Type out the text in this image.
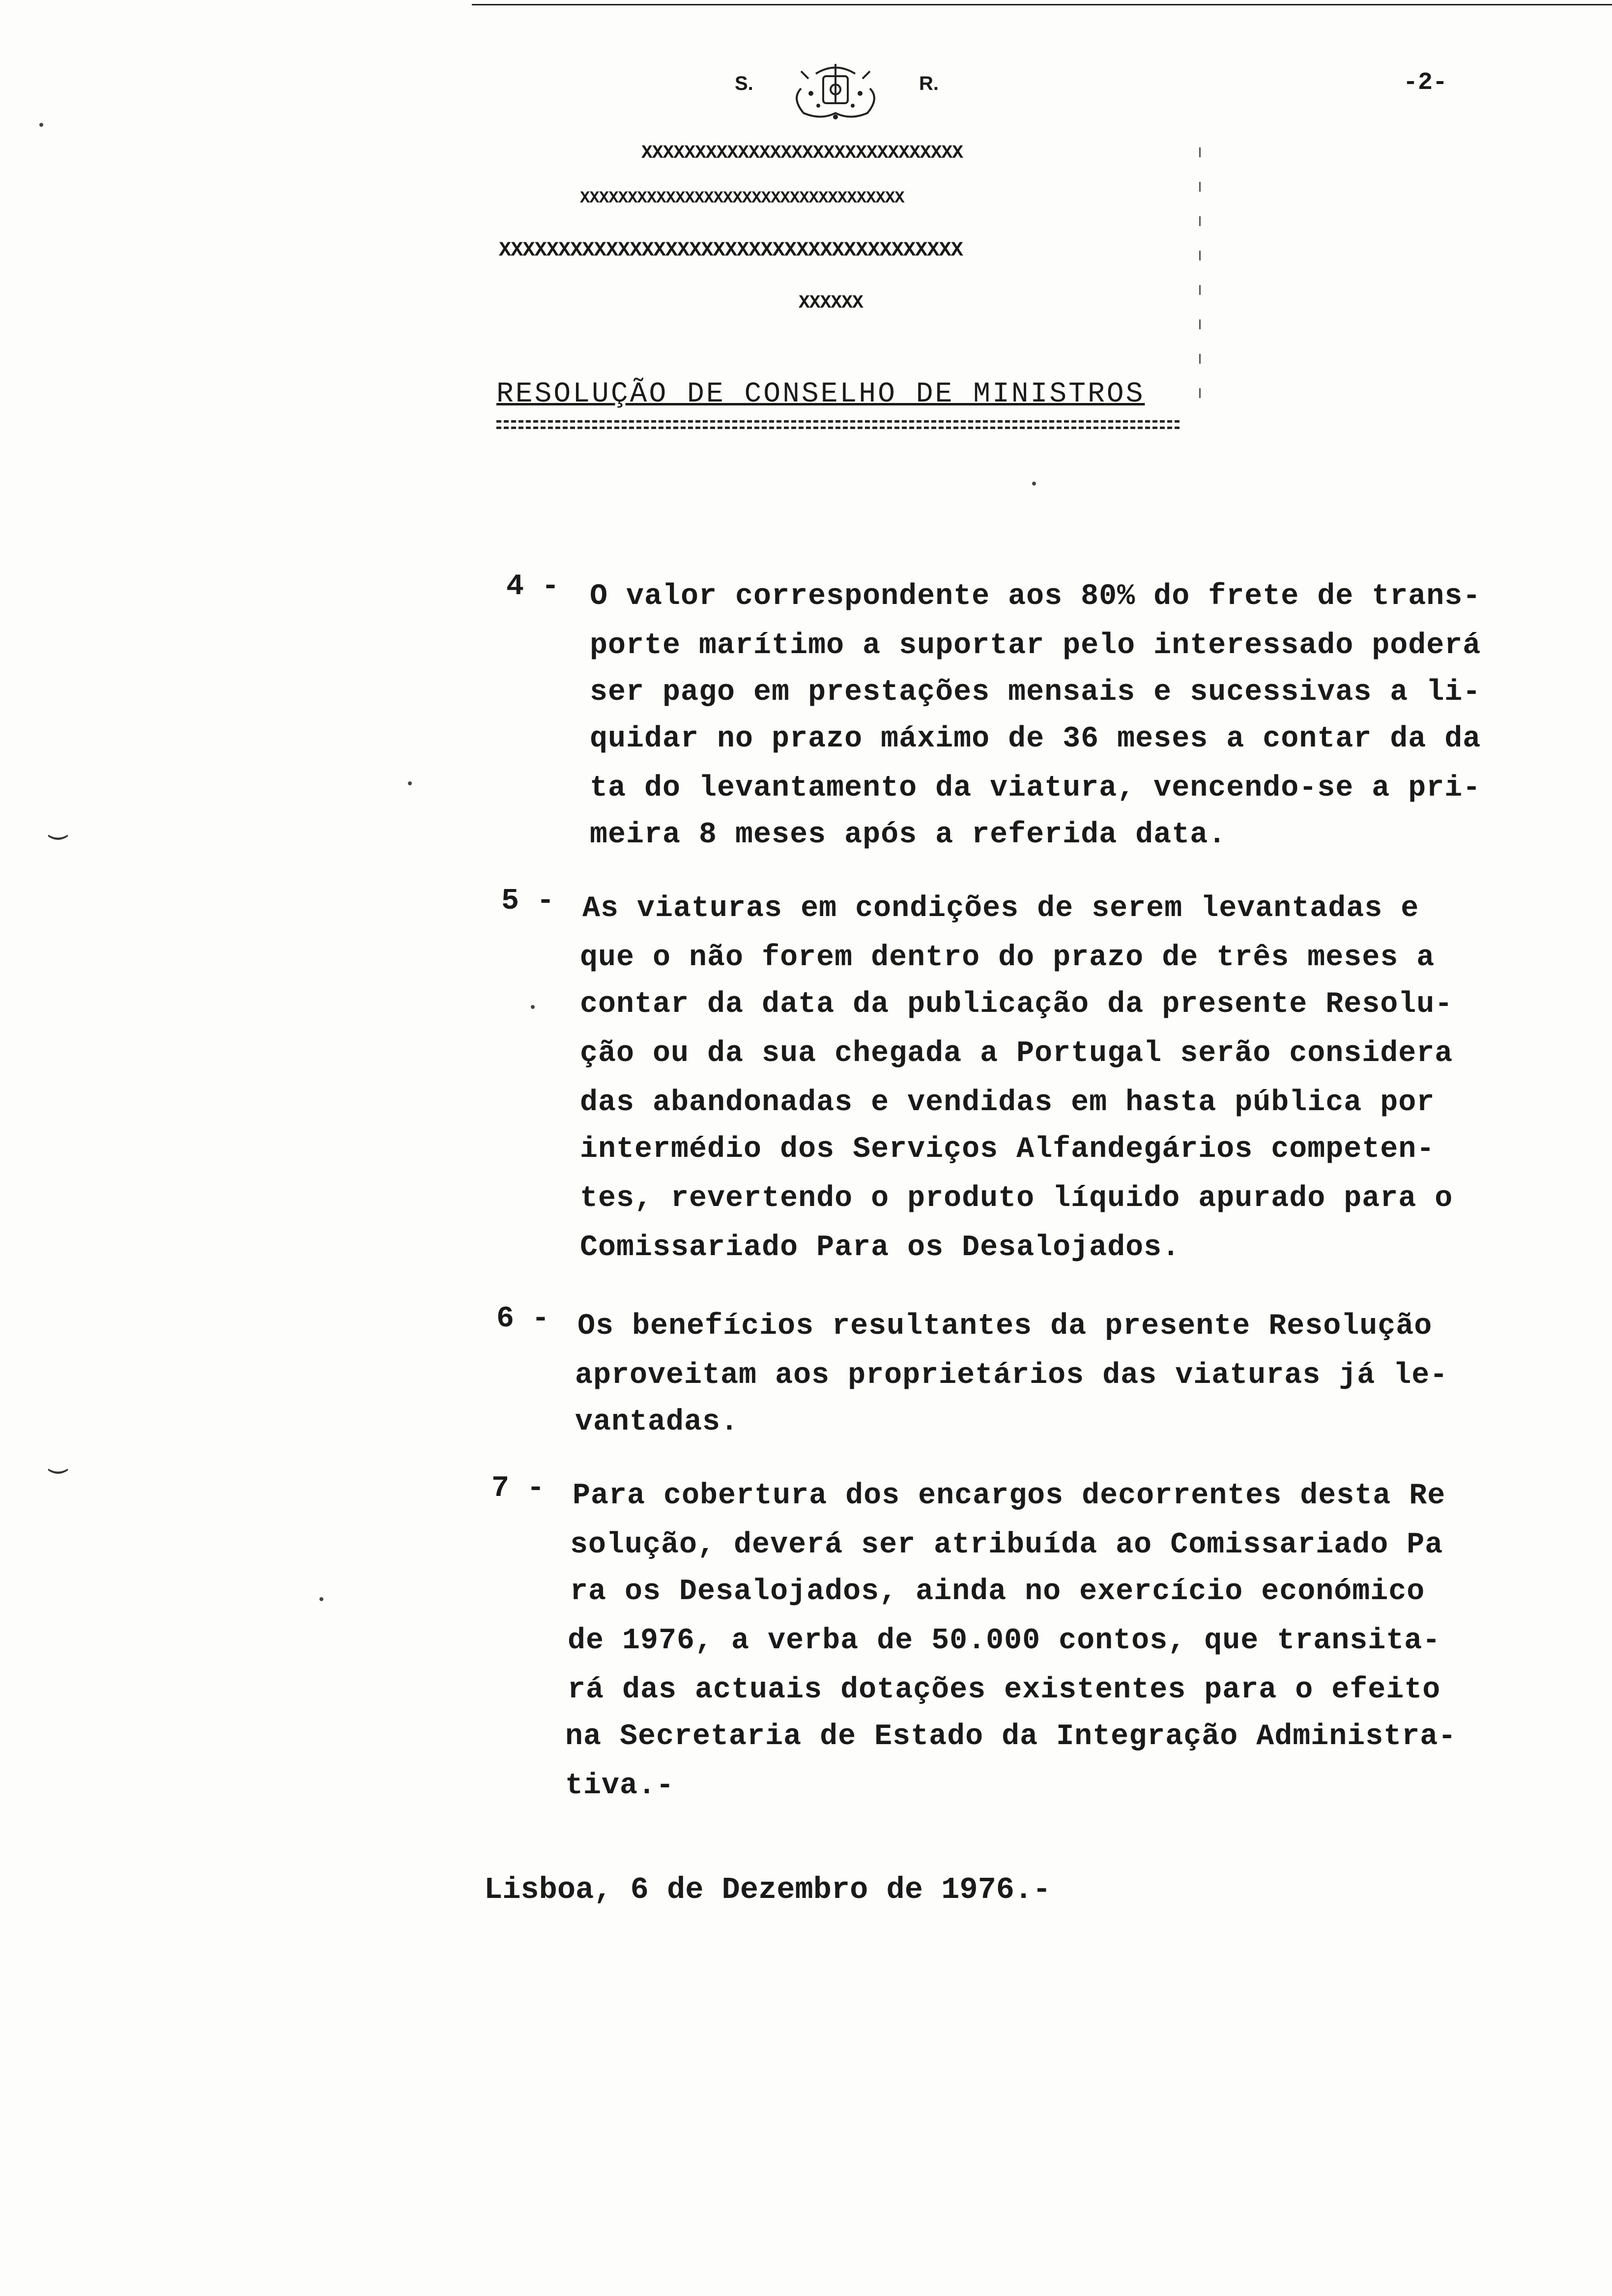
S.	R.	-2-
XXXXXXXXXXXXXXXXXXXXXXXXXXXXXX
XXXXXXXXXXXXXXXXXXXXXXXXXXXXXXXXXX
XXXXXXXXXXXXXXXXXXXXXXXXXXXXXXXXXXXXXXX
XXXXXX
RESOLUÇÃO DE CONSELHO DE MINISTROS
4 - O valor correspondente aos 80% do frete de trans-
porte marítimo a suportar pelo interessado poderá
ser pago em prestações mensais e sucessivas a li-
quidar no prazo máximo de 36 meses a contar da da
ta do levantamento da viatura, vencendo-se a pri-
meira 8 meses após a referida data.
5 - As viaturas em condições de serem levantadas e
que o não forem dentro do prazo de três meses a
contar da data da publicação da presente Resolu-
ção ou da sua chegada a Portugal serão considera
das abandonadas e vendidas em hasta pública por
intermédio dos Serviços Alfandegários competen-
tes, revertendo o produto líquido apurado para o
Comissariado Para os Desalojados.
6 - Os benefícios resultantes da presente Resolução
aproveitam aos proprietários das viaturas já le-
vantadas.
7 - Para cobertura dos encargos decorrentes desta Re
solução, deverá ser atribuída ao Comissariado Pa
ra os Desalojados, ainda no exercício económico
de 1976, a verba de 50.000 contos, que transita-
rá das actuais dotações existentes para o efeito
na Secretaria de Estado da Integração Administra-
tiva.-
Lisboa, 6 de Dezembro de 1976.-
‿
‿
